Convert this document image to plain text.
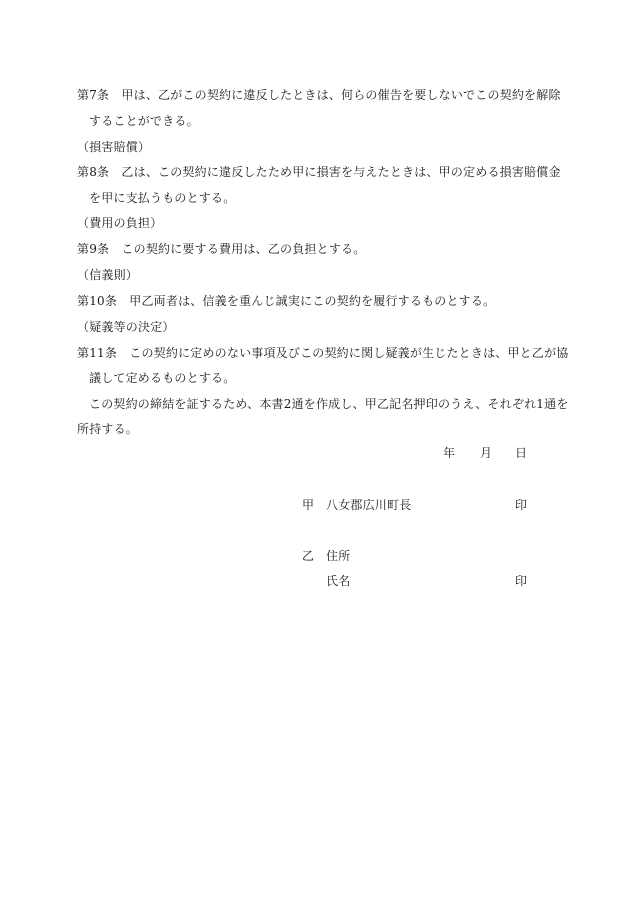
第7条　甲は、乙がこの契約に違反したときは、何らの催告を要しないでこの契約を解除
することができる。
（損害賠償）
第8条　乙は、この契約に違反したため甲に損害を与えたときは、甲の定める損害賠償金
を甲に支払うものとする。
（費用の負担）
第9条　この契約に要する費用は、乙の負担とする。
（信義則）
第10条　甲乙両者は、信義を重んじ誠実にこの契約を履行するものとする。
（疑義等の決定）
第11条　この契約に定めのない事項及びこの契約に関し疑義が生じたときは、甲と乙が協
議して定めるものとする。
この契約の締結を証するため、本書2通を作成し、甲乙記名押印のうえ、それぞれ1通を
所持する。
年 月 日
甲 八女郡広川町長	印
乙 住所
氏名	印
